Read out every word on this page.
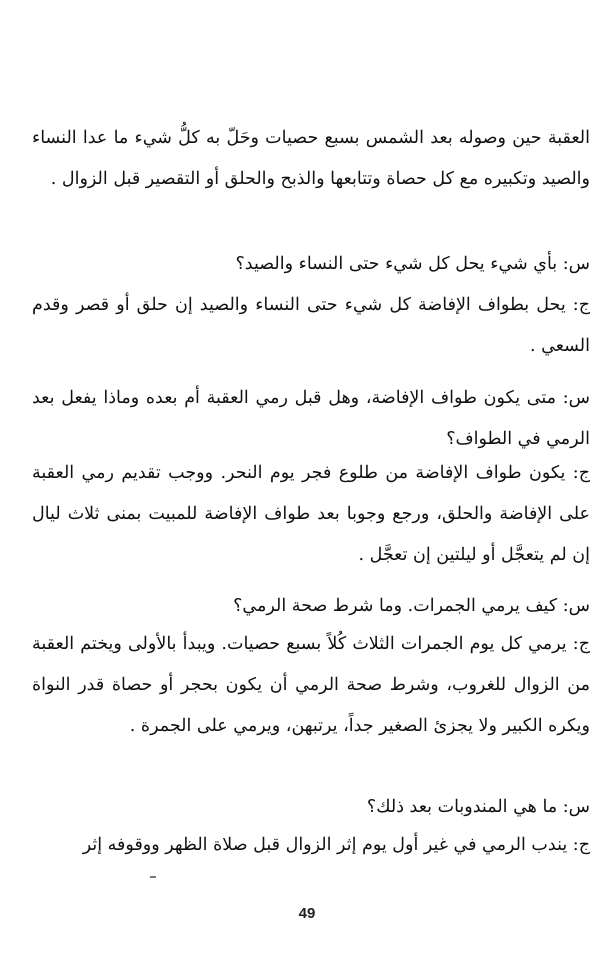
العقبة حين وصوله بعد الشمس بسبع حصيات وحَلّ به كلُّ شيء ما عدا النساء والصيد وتكبيره مع كل حصاة وتتابعها والذبح والحلق أو التقصير قبل الزوال .

س: بأي شيء يحل كل شيء حتى النساء والصيد؟

ج: يحل بطواف الإفاضة كل شيء حتى النساء والصيد إن حلق أو قصر وقدم السعي .

س: متى يكون طواف الإفاضة، وهل قبل رمي العقبة أم بعده وماذا يفعل بعد الرمي في الطواف؟

ج: يكون طواف الإفاضة من طلوع فجر يوم النحر. ووجب تقديم رمي العقبة على الإفاضة والحلق، ورجع وجوبا بعد طواف الإفاضة للمبيت بمنى ثلاث ليال إن لم يتعجَّل أو ليلتين إن تعجَّل .

س: كيف يرمي الجمرات. وما شرط صحة الرمي؟

ج: يرمي كل يوم الجمرات الثلاث كُلاً بسبع حصيات. ويبدأ بالأولى ويختم العقبة من الزوال للغروب، وشرط صحة الرمي أن يكون بحجر أو حصاة قدر النواة ويكره الكبير ولا يجزئ الصغير جداً، يرتبهن، ويرمي على الجمرة .

س: ما هي المندوبات بعد ذلك؟

ج: يندب الرمي في غير أول يوم إثر الزوال قبل صلاة الظهر ووقوفه إثر

49
